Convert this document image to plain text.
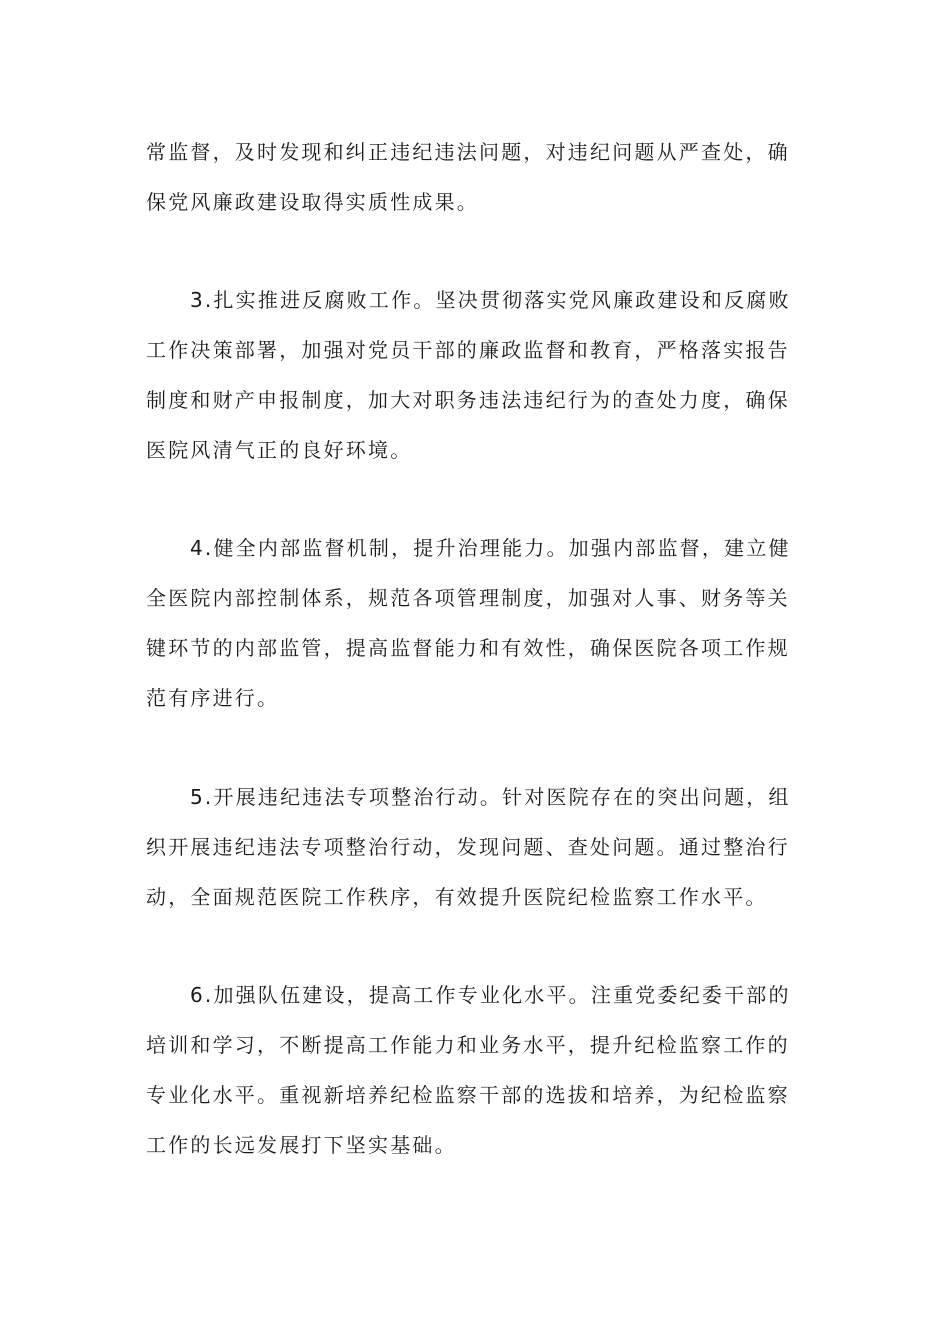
常监督，及时发现和纠正违纪违法问题，对违纪问题从严查处，确
保党风廉政建设取得实质性成果。
3.扎实推进反腐败工作。坚决贯彻落实党风廉政建设和反腐败
工作决策部署，加强对党员干部的廉政监督和教育，严格落实报告
制度和财产申报制度，加大对职务违法违纪行为的查处力度，确保
医院风清气正的良好环境。
4.健全内部监督机制，提升治理能力。加强内部监督，建立健
全医院内部控制体系，规范各项管理制度，加强对人事、财务等关
键环节的内部监管，提高监督能力和有效性，确保医院各项工作规
范有序进行。
5.开展违纪违法专项整治行动。针对医院存在的突出问题，组
织开展违纪违法专项整治行动，发现问题、查处问题。通过整治行
动，全面规范医院工作秩序，有效提升医院纪检监察工作水平。
6.加强队伍建设，提高工作专业化水平。注重党委纪委干部的
培训和学习，不断提高工作能力和业务水平，提升纪检监察工作的
专业化水平。重视新培养纪检监察干部的选拔和培养，为纪检监察
工作的长远发展打下坚实基础。
